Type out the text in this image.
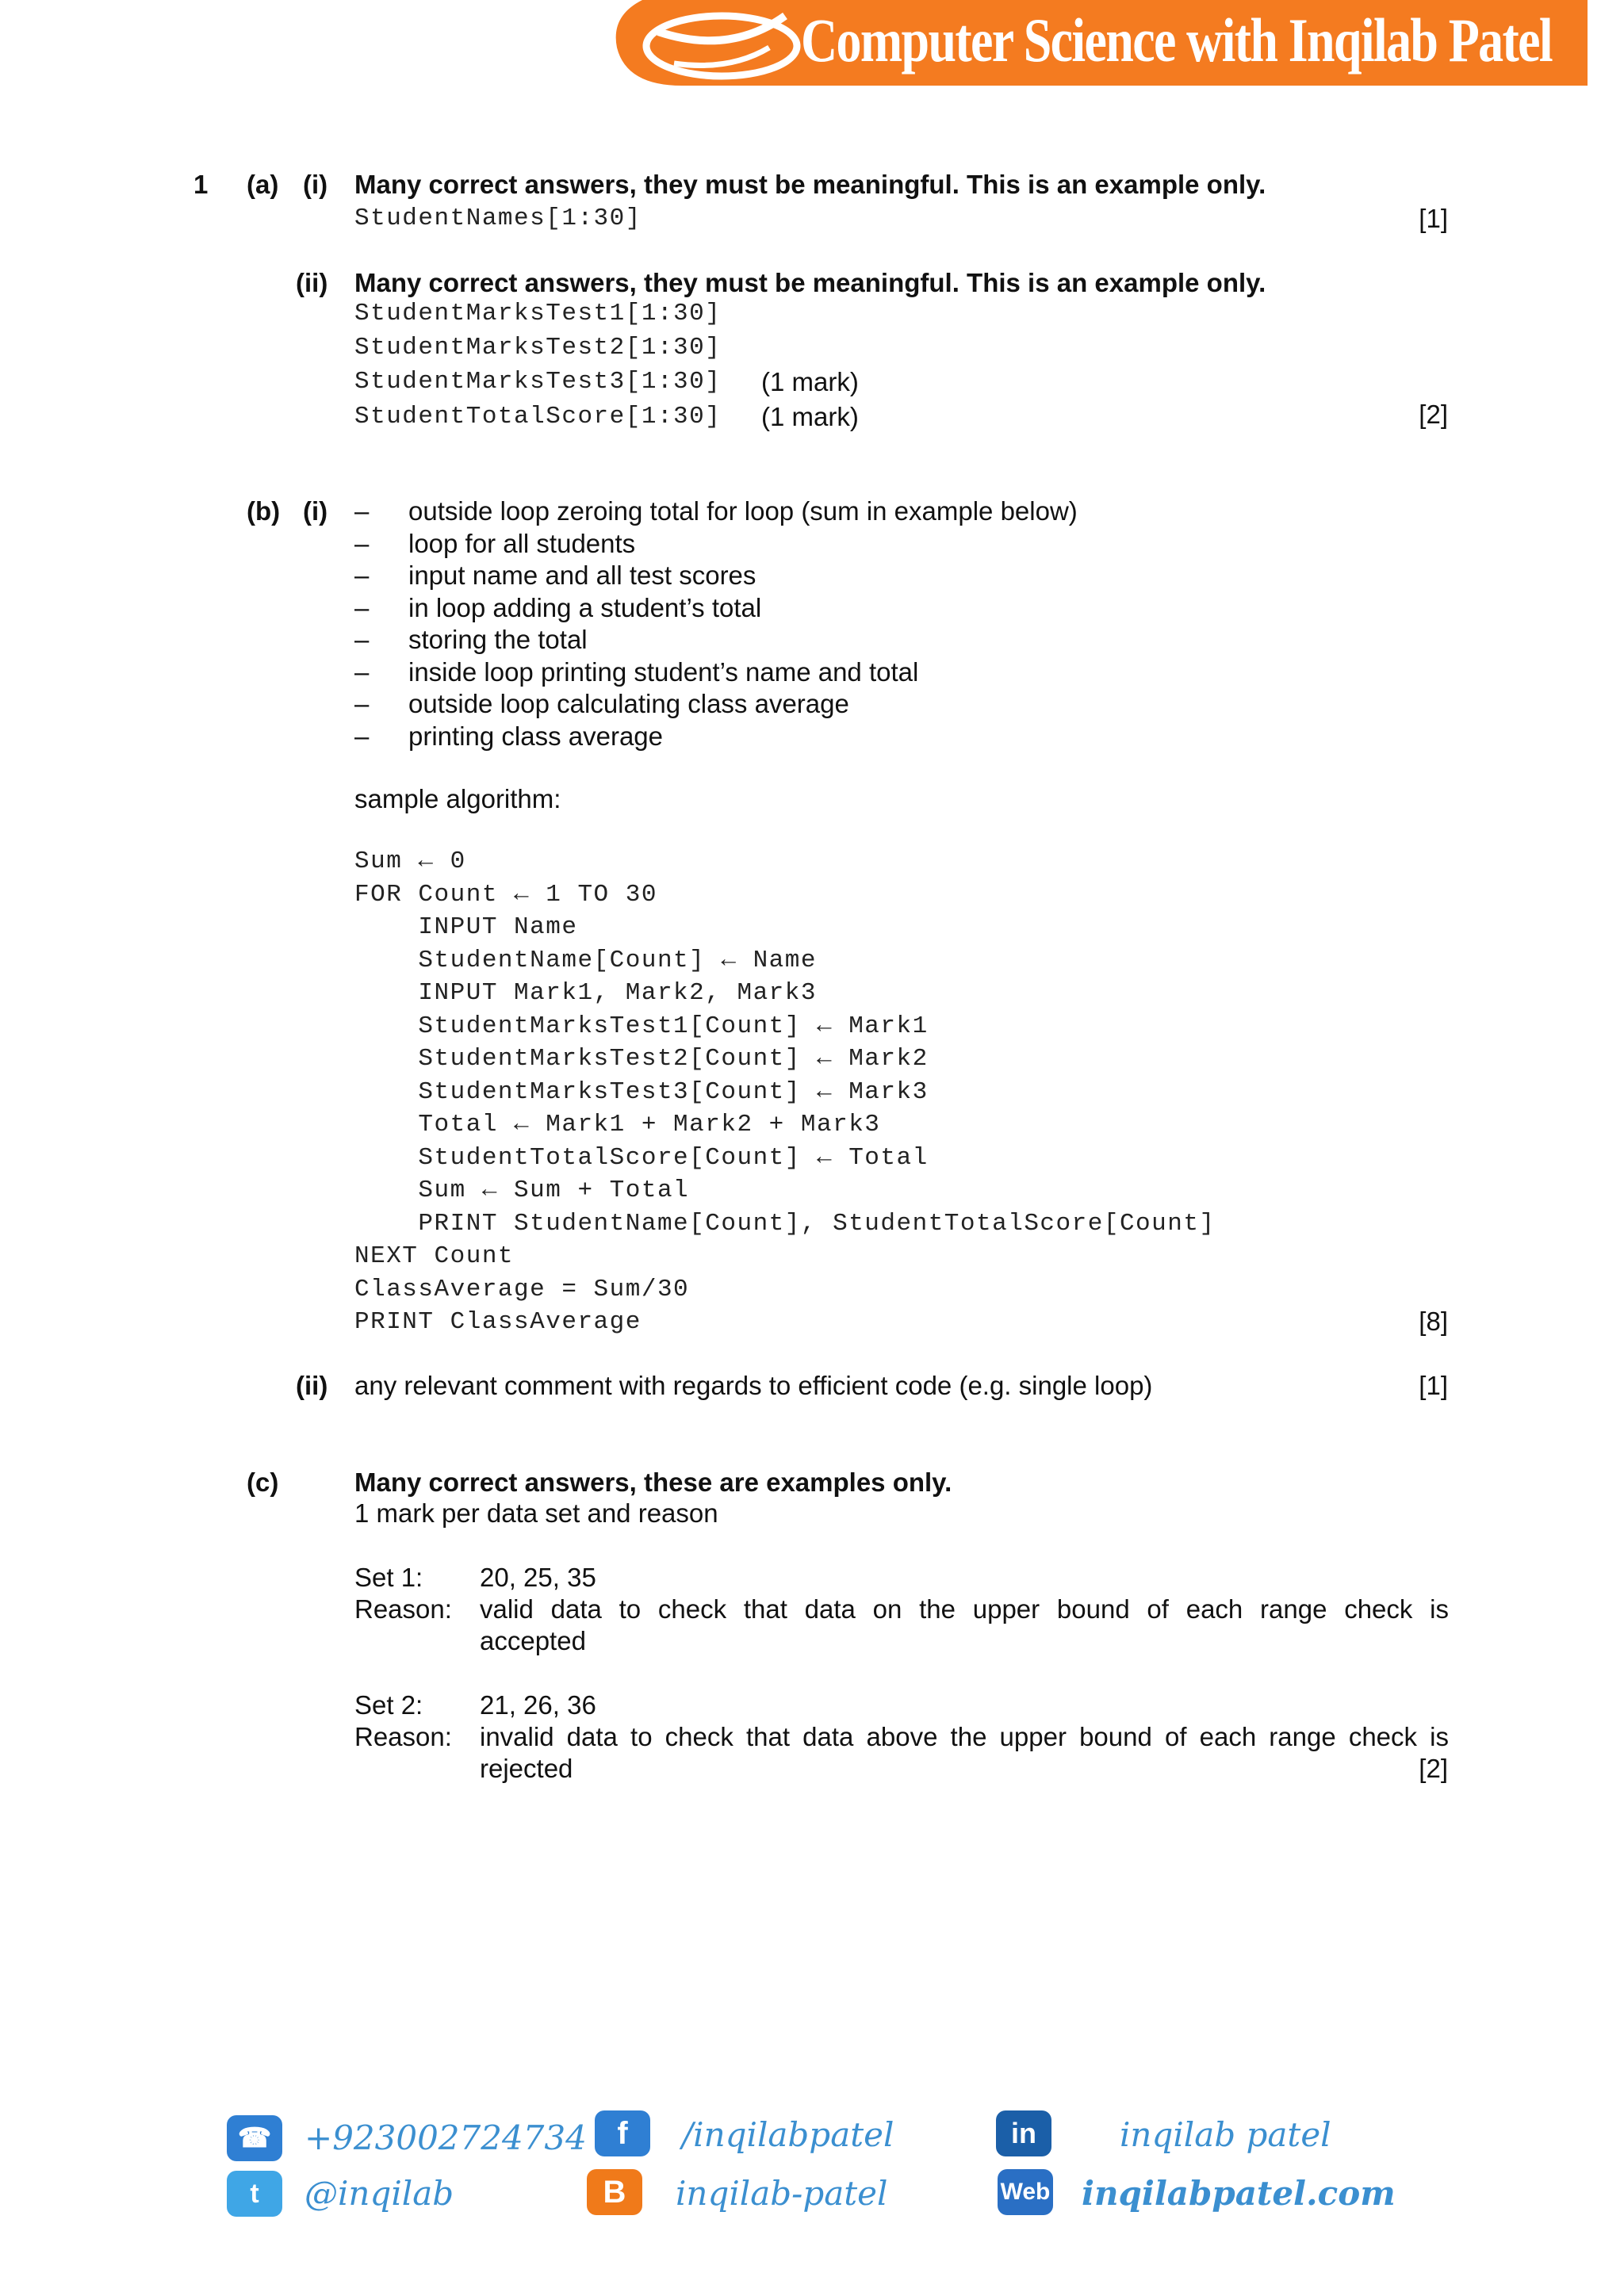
Computer Science with Inqilab Patel
1 (a) (i) Many correct answers, they must be meaningful. This is an example only.
StudentNames[1:30]	[1]
(ii) Many correct answers, they must be meaningful. This is an example only.
StudentMarksTest1[1:30]
StudentMarksTest2[1:30]
StudentMarksTest3[1:30] (1 mark)
StudentTotalScore[1:30] (1 mark)	[2]
(b) (i) – outside loop zeroing total for loop (sum in example below)
– loop for all students
– input name and all test scores
– in loop adding a student’s total
– storing the total
– inside loop printing student’s name and total
– outside loop calculating class average
– printing class average
sample algorithm:
Sum ← 0
FOR Count ← 1 TO 30
INPUT Name
StudentName[Count] ← Name
INPUT Mark1, Mark2, Mark3
StudentMarksTest1[Count] ← Mark1
StudentMarksTest2[Count] ← Mark2
StudentMarksTest3[Count] ← Mark3
Total ← Mark1 + Mark2 + Mark3
StudentTotalScore[Count] ← Total
Sum ← Sum + Total
PRINT StudentName[Count], StudentTotalScore[Count]
NEXT Count
ClassAverage = Sum/30
PRINT ClassAverage	[8]
(ii) any relevant comment with regards to efficient code (e.g. single loop)	[1]
(c)	Many correct answers, these are examples only.
1 mark per data set and reason
Set 1: 20, 25, 35
Reason: valid data to check that data on the upper bound of each range check is
accepted
Set 2: 21, 26, 36
Reason: invalid data to check that data above the upper bound of each range check is
rejected	[2]
☎ +923002724734 f	/inqilabpatel	in	inqilab patel
t	@inqilab	B	inqilab-patel	Web inqilabpatel.com
